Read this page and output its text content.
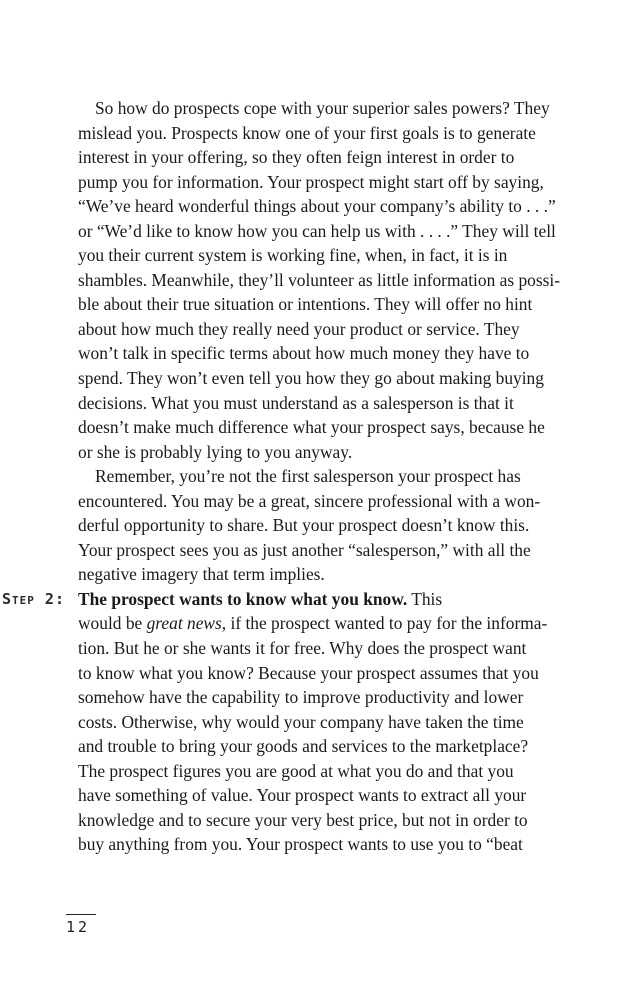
So how do prospects cope with your superior sales powers? They
mislead you. Prospects know one of your first goals is to generate
interest in your offering, so they often feign interest in order to
pump you for information. Your prospect might start off by saying,
“We’ve heard wonderful things about your company’s ability to . . .”
or “We’d like to know how you can help us with . . . .” They will tell
you their current system is working fine, when, in fact, it is in
shambles. Meanwhile, they’ll volunteer as little information as possi-
ble about their true situation or intentions. They will offer no hint
about how much they really need your product or service. They
won’t talk in specific terms about how much money they have to
spend. They won’t even tell you how they go about making buying
decisions. What you must understand as a salesperson is that it
doesn’t make much difference what your prospect says, because he
or she is probably lying to you anyway.
Remember, you’re not the first salesperson your prospect has
encountered. You may be a great, sincere professional with a won-
derful opportunity to share. But your prospect doesn’t know this.
Your prospect sees you as just another “salesperson,” with all the
negative imagery that term implies.
Step 2: The prospect wants to know what you know. This
would be great news, if the prospect wanted to pay for the informa-
tion. But he or she wants it for free. Why does the prospect want
to know what you know? Because your prospect assumes that you
somehow have the capability to improve productivity and lower
costs. Otherwise, why would your company have taken the time
and trouble to bring your goods and services to the marketplace?
The prospect figures you are good at what you do and that you
have something of value. Your prospect wants to extract all your
knowledge and to secure your very best price, but not in order to
buy anything from you. Your prospect wants to use you to “beat
12
